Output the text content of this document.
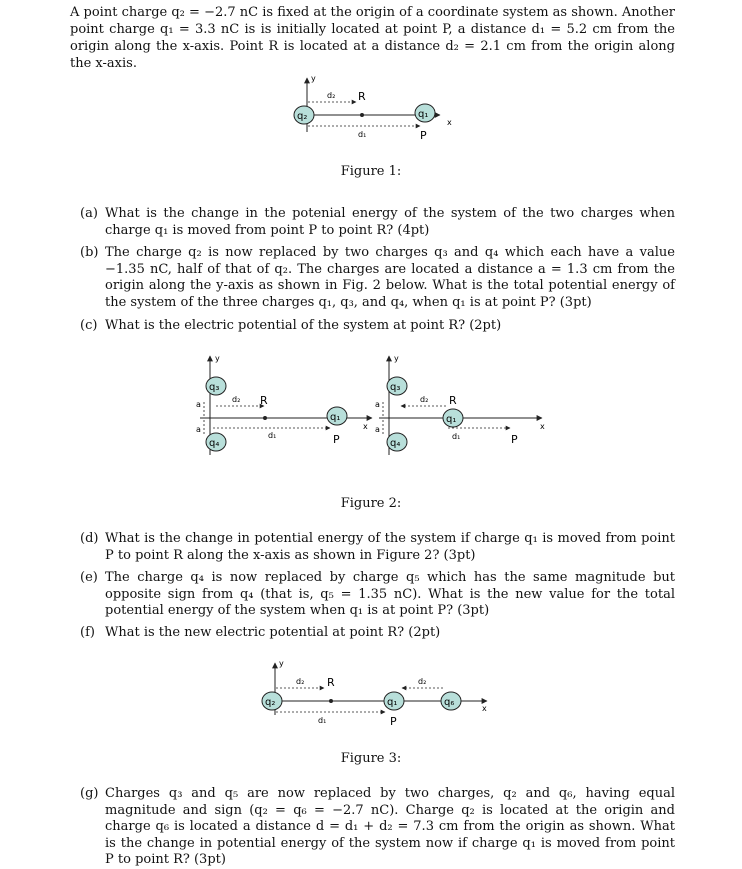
A point charge q₂ = −2.7 nC is fixed at the origin of a coordinate system as shown. Another point charge q₁ = 3.3 nC is is initially located at point P, a distance d₁ = 5.2 cm from the origin along the x-axis. Point R is located at a distance d₂ = 2.1 cm from the origin along the x-axis.
y
x
d₂ R
d₁
q₂	q₁
P
Figure 1:
(a) What is the change in the potenial energy of the system of the two charges when charge q₁ is moved from point P to point R? (4pt)
(b) The charge q₂ is now replaced by two charges q₃ and q₄ which each have a value −1.35 nC, half of that of q₂. The charges are located a distance a = 1.3 cm from the origin along the y-axis as shown in Fig. 2 below. What is the total potential energy of the system of the three charges q₁, q₃, and q₄, when q₁ is at point P? (3pt)
(c) What is the electric potential of the system at point R? (2pt)
y
x
a
a
d₂ R
d₁
q₃
q₄
q₁
P
y
x
a
a
d₂ R
d₁	P
q₃
q₄
q₁
Figure 2:
(d) What is the change in potential energy of the system if charge q₁ is moved from point P to point R along the x-axis as shown in Figure 2? (3pt)
(e) The charge q₄ is now replaced by charge q₅ which has the same magnitude but opposite sign from q₄ (that is, q₅ = 1.35 nC). What is the new value for the total potential energy of the system when q₁ is at point P? (3pt)
(f) What is the new electric potential at point R? (2pt)
y
x
d₂ R
d₁
d₂
q₂	q₁
P
q₆
Figure 3:
(g) Charges q₃ and q₅ are now replaced by two charges, q₂ and q₆, having equal magnitude and sign (q₂ = q₆ = −2.7 nC). Charge q₂ is located at the origin and charge q₆ is located a distance d = d₁ + d₂ = 7.3 cm from the origin as shown. What is the change in potential energy of the system now if charge q₁ is moved from point P to point R? (3pt)
